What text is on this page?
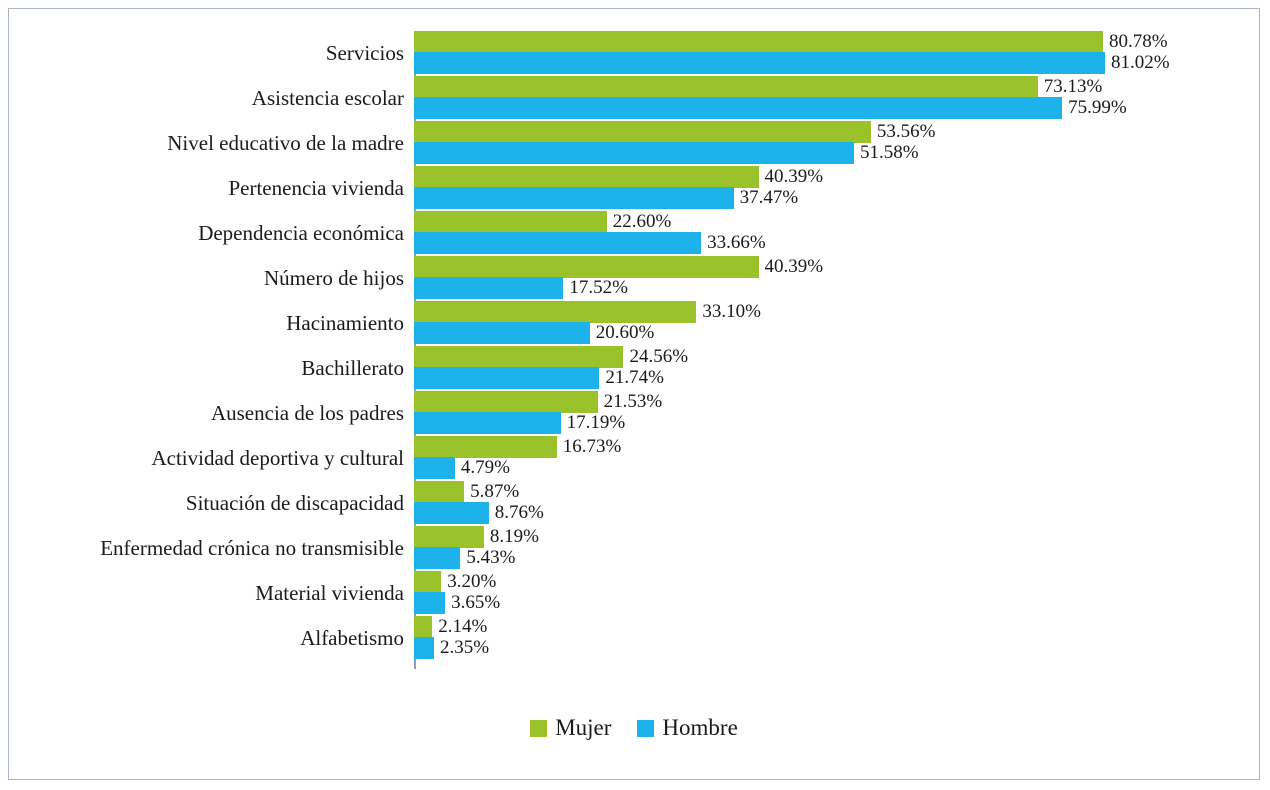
Servicios	80.78%
81.02%
Asistencia escolar	73.13%
75.99%
Nivel educativo de la madre	53.56%
51.58%
Pertenencia vivienda	40.39%
37.47%
Dependencia económica	22.60%
33.66%
Número de hijos	40.39%
17.52%
Hacinamiento	33.10%
20.60%
Bachillerato	24.56%
21.74%
Ausencia de los padres	21.53%
17.19%
Actividad deportiva y cultural	16.73%
4.79%
Situación de discapacidad	5.87%
8.76%
Enfermedad crónica no transmisible	8.19%
5.43%
Material vivienda	3.20%
3.65%
Alfabetismo	2.14%
2.35%
Mujer Hombre
